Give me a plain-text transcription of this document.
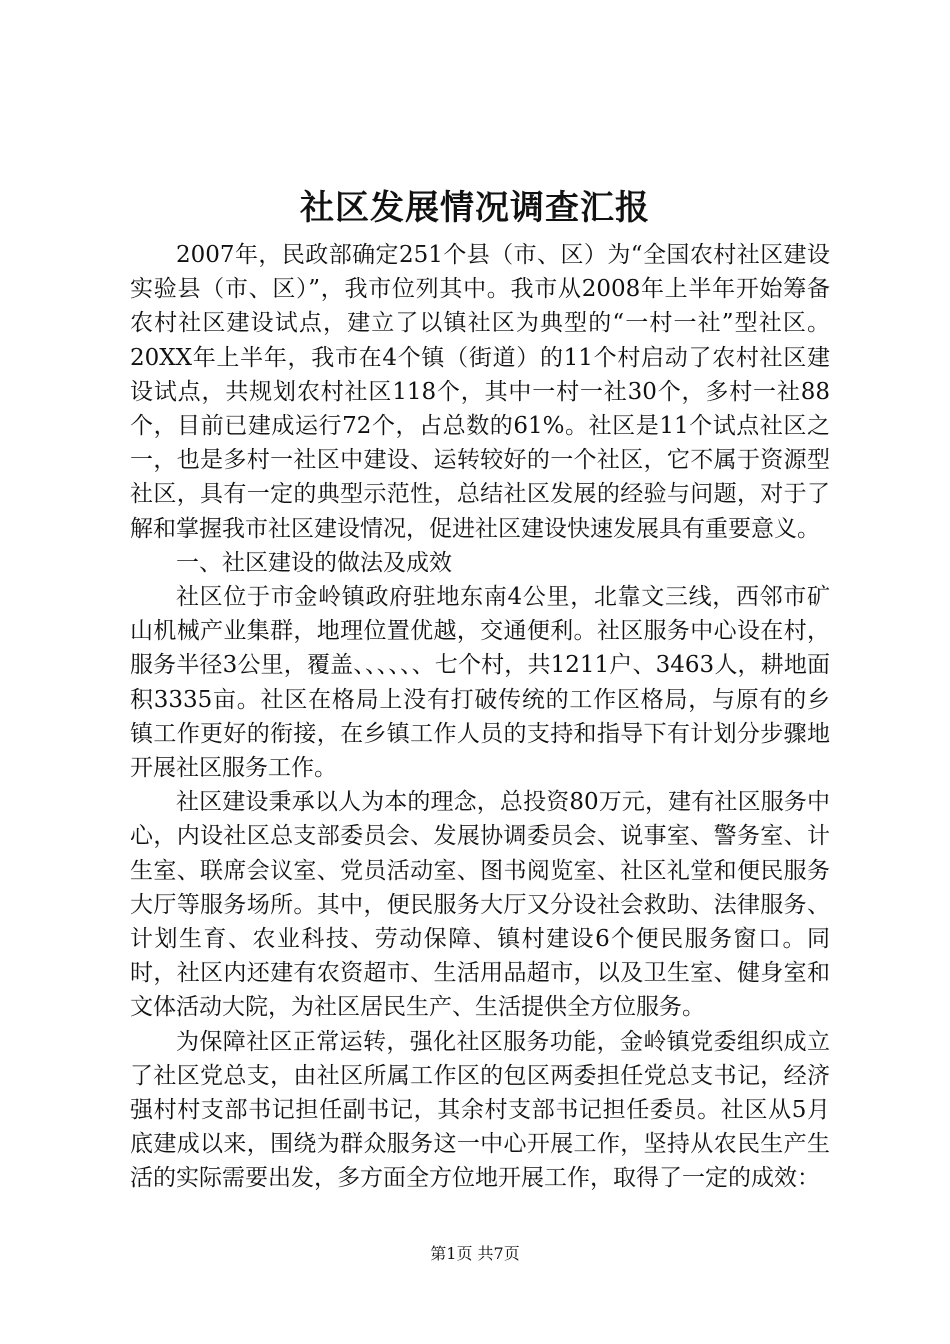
社区发展情况调查汇报

2007年，民政部确定251个县（市、区）为“全国农村社区建设实验县（市、区）”，我市位列其中。我市从2008年上半年开始筹备农村社区建设试点，建立了以镇社区为典型的“一村一社”型社区。20XX年上半年，我市在4个镇（街道）的11个村启动了农村社区建设试点，共规划农村社区118个，其中一村一社30个，多村一社88个，目前已建成运行72个，占总数的61%。社区是11个试点社区之一，也是多村一社区中建设、运转较好的一个社区，它不属于资源型社区，具有一定的典型示范性，总结社区发展的经验与问题，对于了解和掌握我市社区建设情况，促进社区建设快速发展具有重要意义。

一、社区建设的做法及成效

社区位于市金岭镇政府驻地东南4公里，北靠文三线，西邻市矿山机械产业集群，地理位置优越，交通便利。社区服务中心设在村，服务半径3公里，覆盖、、、、、、七个村，共1211户、3463人，耕地面积3335亩。社区在格局上没有打破传统的工作区格局，与原有的乡镇工作更好的衔接，在乡镇工作人员的支持和指导下有计划分步骤地开展社区服务工作。

社区建设秉承以人为本的理念，总投资80万元，建有社区服务中心，内设社区总支部委员会、发展协调委员会、说事室、警务室、计生室、联席会议室、党员活动室、图书阅览室、社区礼堂和便民服务大厅等服务场所。其中，便民服务大厅又分设社会救助、法律服务、计划生育、农业科技、劳动保障、镇村建设6个便民服务窗口。同时，社区内还建有农资超市、生活用品超市，以及卫生室、健身室和文体活动大院，为社区居民生产、生活提供全方位服务。

为保障社区正常运转，强化社区服务功能，金岭镇党委组织成立了社区党总支，由社区所属工作区的包区两委担任党总支书记，经济强村村支部书记担任副书记，其余村支部书记担任委员。社区从5月底建成以来，围绕为群众服务这一中心开展工作，坚持从农民生产生活的实际需要出发，多方面全方位地开展工作，取得了一定的成效：

第1页 共7页
